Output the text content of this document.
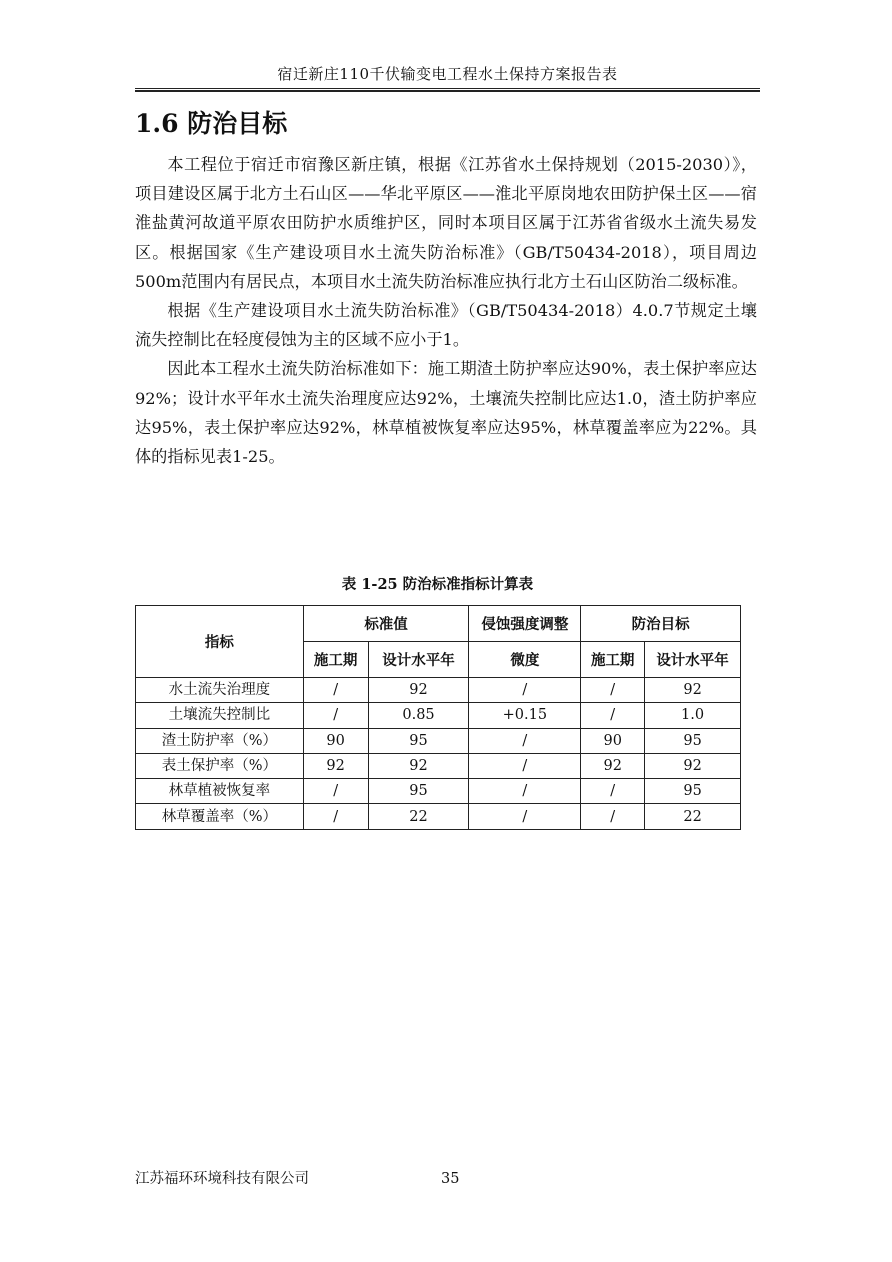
宿迁新庄110千伏输变电工程水土保持方案报告表
1.6 防治目标

本工程位于宿迁市宿豫区新庄镇，根据《江苏省水土保持规划（2015-2030）》，项目建设区属于北方土石山区——华北平原区——淮北平原岗地农田防护保土区——宿淮盐黄河故道平原农田防护水质维护区，同时本项目区属于江苏省省级水土流失易发区。根据国家《生产建设项目水土流失防治标准》（GB/T50434-2018），项目周边500m范围内有居民点，本项目水土流失防治标准应执行北方土石山区防治二级标准。

根据《生产建设项目水土流失防治标准》（GB/T50434-2018）4.0.7节规定土壤流失控制比在轻度侵蚀为主的区域不应小于1。

因此本工程水土流失防治标准如下：施工期渣土防护率应达90%，表土保护率应达92%；设计水平年水土流失治理度应达92%，土壤流失控制比应达1.0，渣土防护率应达95%，表土保护率应达92%，林草植被恢复率应达95%，林草覆盖率应为22%。具体的指标见表1-25。

表 1-25 防治标准指标计算表
指标	标准值		侵蚀强度调整	防治目标	
	施工期	设计水平年	微度	施工期	设计水平年
水土流失治理度	/	92	/	/	92
土壤流失控制比	/	0.85	+0.15	/	1.0
渣土防护率（%）	90	95	/	90	95
表土保护率（%）	92	92	/	92	92
林草植被恢复率	/	95	/	/	95
林草覆盖率（%）	/	22	/	/	22
江苏福环环境科技有限公司	35
